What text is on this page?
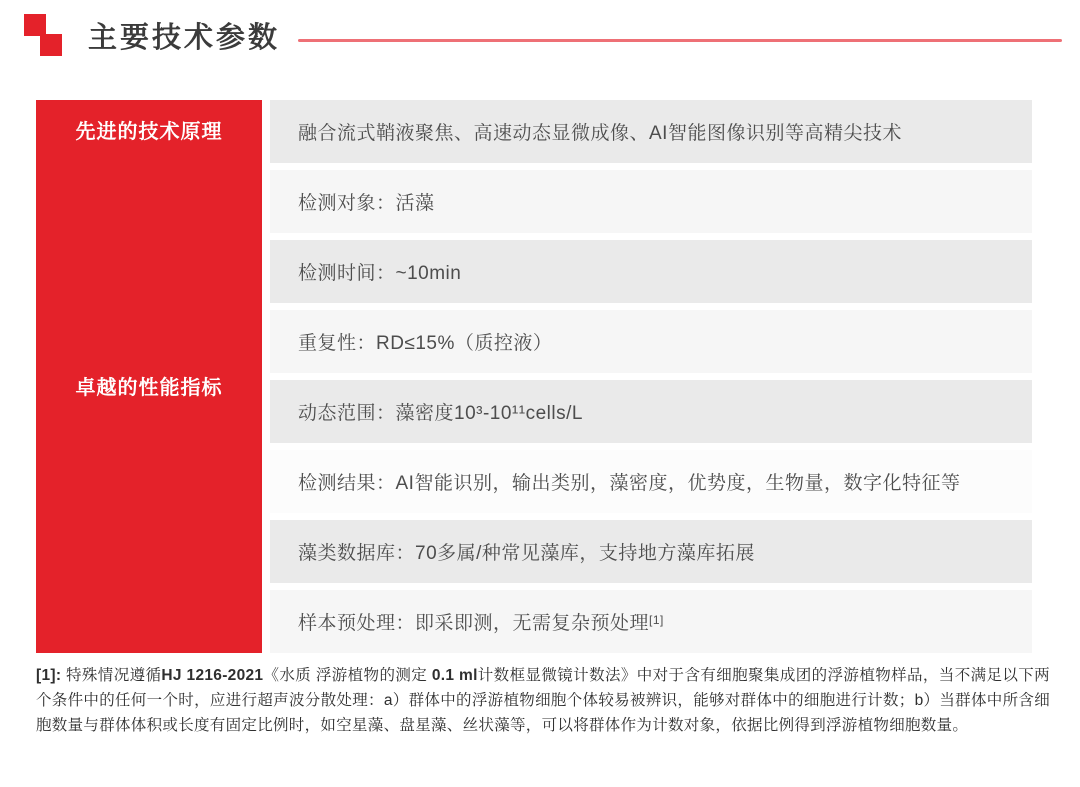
主要技术参数
先进的技术原理
卓越的性能指标
融合流式鞘液聚焦、高速动态显微成像、AI智能图像识别等高精尖技术
检测对象：活藻
检测时间：~10min
重复性：RD≤15%（质控液）
动态范围：藻密度10³-10¹¹cells/L
检测结果：AI智能识别，输出类别，藻密度，优势度，生物量，数字化特征等
藻类数据库：70多属/种常见藻库，支持地方藻库拓展
样本预处理：即采即测，无需复杂预处理[1]
[1]: 特殊情况遵循HJ 1216-2021《水质 浮游植物的测定 0.1 ml计数框显微镜计数法》中对于含有细胞聚集成团的浮游植物样品，当不满足以下两个条件中的任何一个时，应进行超声波分散处理：a）群体中的浮游植物细胞个体较易被辨识，能够对群体中的细胞进行计数；b）当群体中所含细胞数量与群体体积或长度有固定比例时，如空星藻、盘星藻、丝状藻等，可以将群体作为计数对象，依据比例得到浮游植物细胞数量。
